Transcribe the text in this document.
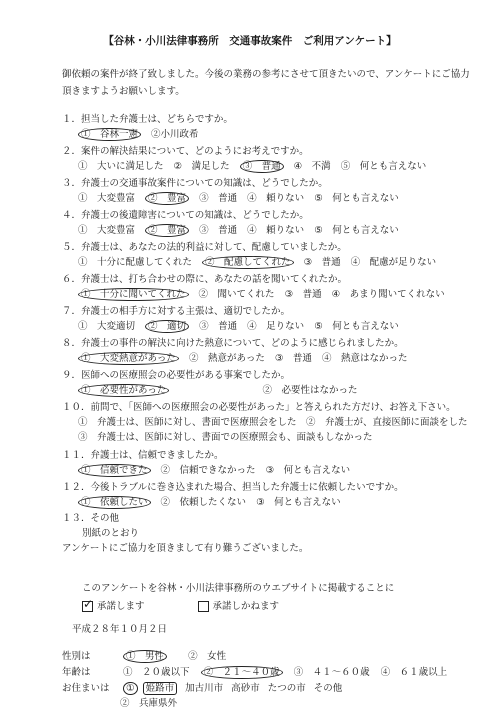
【谷林・小川法律事務所　交通事故案件　ご利用アンケート】
御依頼の案件が終了致しました。今後の業務の参考にさせて頂きたいので、アンケートにご協力頂きますようお願いします。
１．担当した弁護士は、どちらですか。
①　谷林一憲 ②小川政希
２．案件の解決結果について、どのようにお考えですか。
①　大いに満足した ②　満足した ③　普通 ④　不満 ⑤　何とも言えない
３．弁護士の交通事故案件についての知識は、どうでしたか。
①　大変豊富 ②　豊富 ③　普通 ④　頼りない ⑤　何とも言えない
４．弁護士の後遺障害についての知識は、どうでしたか。
①　大変豊富 ②　豊富 ③　普通 ④　頼りない ⑤　何とも言えない
５．弁護士は、あなたの法的利益に対して、配慮していましたか。
①　十分に配慮してくれた ②　配慮してくれた ③　普通 ④　配慮が足りない
６．弁護士は、打ち合わせの際に、あなたの話を聞いてくれたか。
①　十分に聞いてくれた ②　聞いてくれた ③　普通 ④　あまり聞いてくれない
７．弁護士の相手方に対する主張は、適切でしたか。
①　大変適切 ②　適切 ③　普通 ④　足りない ⑤　何とも言えない
８．弁護士の事件の解決に向けた熱意について、どのように感じられましたか。
①　大変熱意があった ②　熱意があった ③　普通 ④　熱意はなかった
９．医師への医療照会の必要性がある事案でしたか。
①　必要性があった	②　必要性はなかった
１０．前問で、「医師への医療照会の必要性があった」と答えられた方だけ、お答え下さい。
①　弁護士は、医師に対し、書面で医療照会をした　②　弁護士が、直接医師に面談をした
③　弁護士は、医師に対し、書面での医療照会も、面談もしなかった
１１．弁護士は、信頼できましたか。
①　信頼できた ②　信頼できなかった ③　何とも言えない
１２．今後トラブルに巻き込まれた場合、担当した弁護士に依頼したいですか。
①　依頼したい ②　依頼したくない ③　何とも言えない
１３．その他
別紙のとおり
アンケートにご協力を頂きまして有り難うございました。
このアンケートを谷林・小川法律事務所のウエブサイトに掲載することに
✓承諾します	承諾しかねます
平成２８年１０月２日
性別は	①　男性	②　女性
年齢は	①　２０歳以下 ②　２１～４０歳 ③　４１～６０歳 ④　６１歳以上
お住まいは ① 姫路市 加古川市 高砂市 たつの市 その他
②　兵庫県外
